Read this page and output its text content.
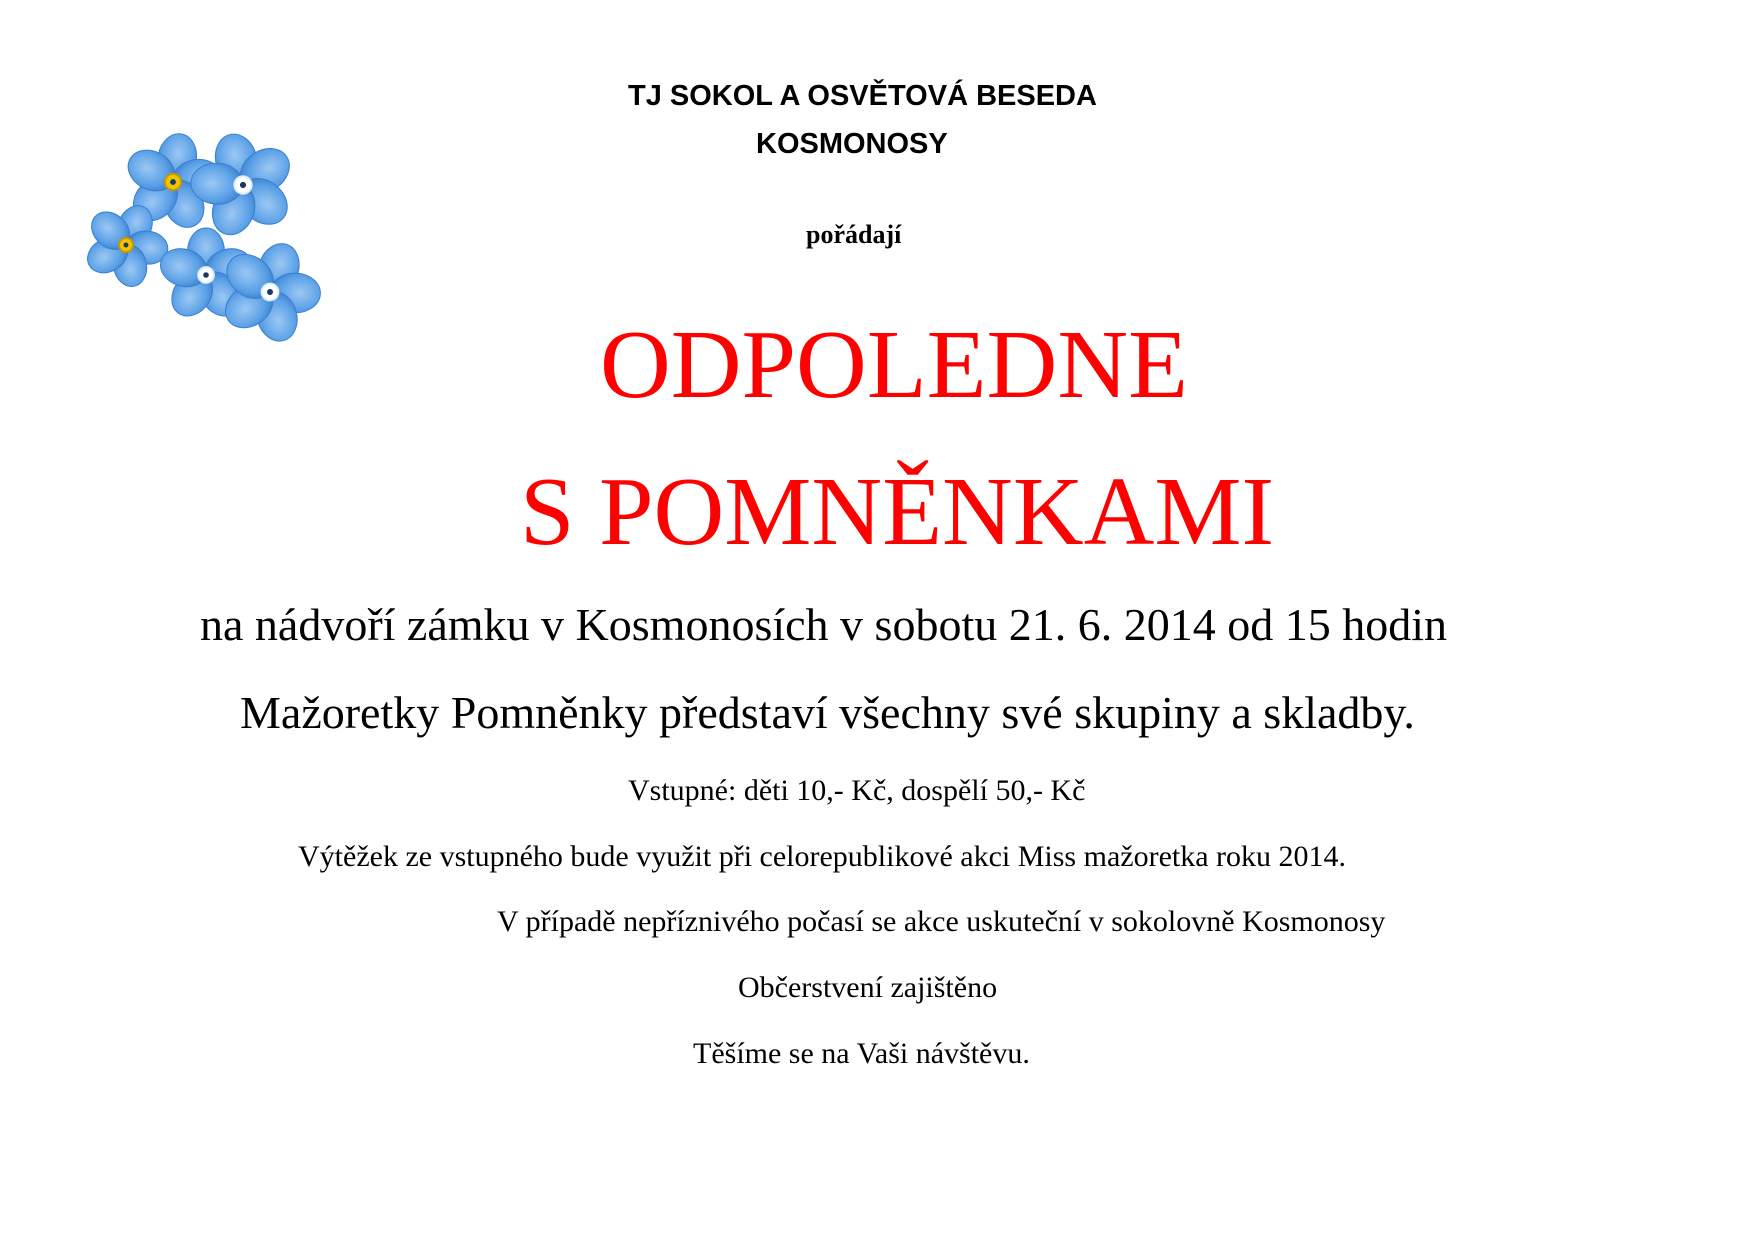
TJ SOKOL A OSVĚTOVÁ BESEDA
KOSMONOSY
pořádají
ODPOLEDNE
S POMNĚNKAMI
na nádvoří zámku v Kosmonosích v sobotu 21. 6. 2014 od 15 hodin
Mažoretky Pomněnky představí všechny své skupiny a skladby.
Vstupné: děti 10,- Kč, dospělí 50,- Kč
Výtěžek ze vstupného bude využit při celorepublikové akci Miss mažoretka roku 2014.
V případě nepříznivého počasí se akce uskuteční v sokolovně Kosmonosy
Občerstvení zajištěno
Těšíme se na Vaši návštěvu.
